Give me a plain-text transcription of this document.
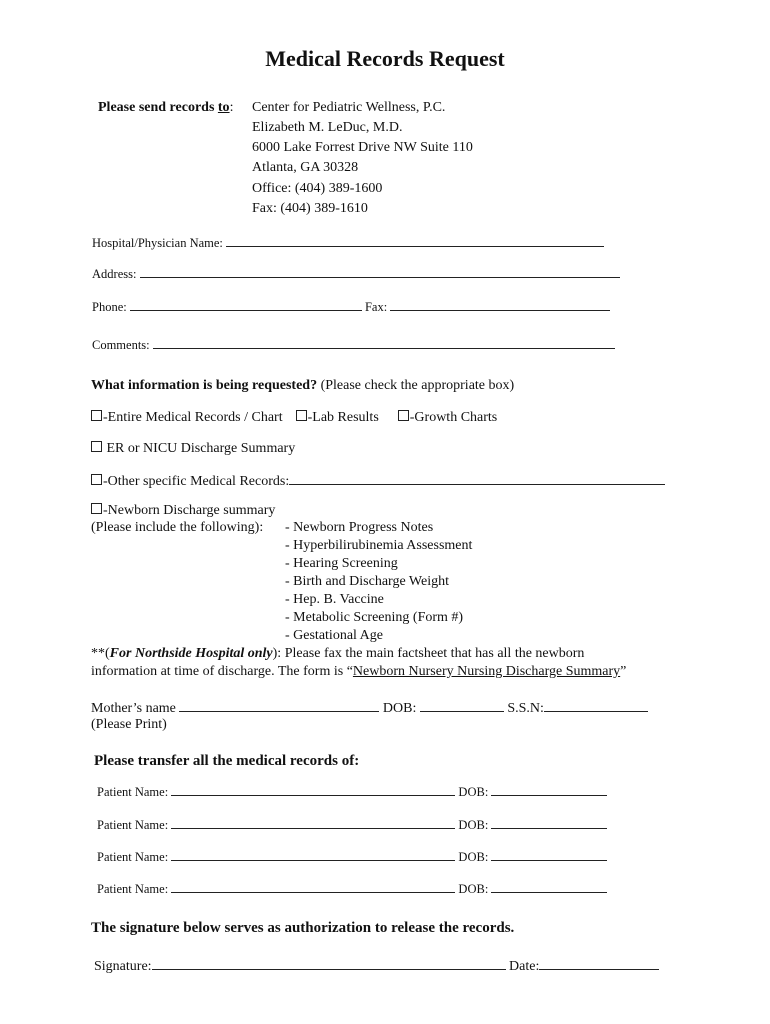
Medical Records Request
Please send records to: Center for Pediatric Wellness, P.C.
Elizabeth M. LeDuc, M.D.
6000 Lake Forrest Drive NW Suite 110
Atlanta, GA 30328
Office: (404) 389-1600
Fax: (404) 389-1610
Hospital/Physician Name:
Address:
Phone:	Fax:
Comments:
What information is being requested? (Please check the appropriate box)
-Entire Medical Records / Chart -Lab Results -Growth Charts
ER or NICU Discharge Summary
-Other specific Medical Records:
-Newborn Discharge summary
(Please include the following): - Newborn Progress Notes
- Hyperbilirubinemia Assessment
- Hearing Screening
- Birth and Discharge Weight
- Hep. B. Vaccine
- Metabolic Screening (Form #)
- Gestational Age
**(For Northside Hospital only): Please fax the main factsheet that has all the newborn
information at time of discharge. The form is “Newborn Nursery Nursing Discharge Summary”
Mother’s name	DOB:	S.S.N:
(Please Print)
Please transfer all the medical records of:
Patient Name:	DOB:
Patient Name:	DOB:
Patient Name:	DOB:
Patient Name:	DOB:
The signature below serves as authorization to release the records.
Signature:	Date:
